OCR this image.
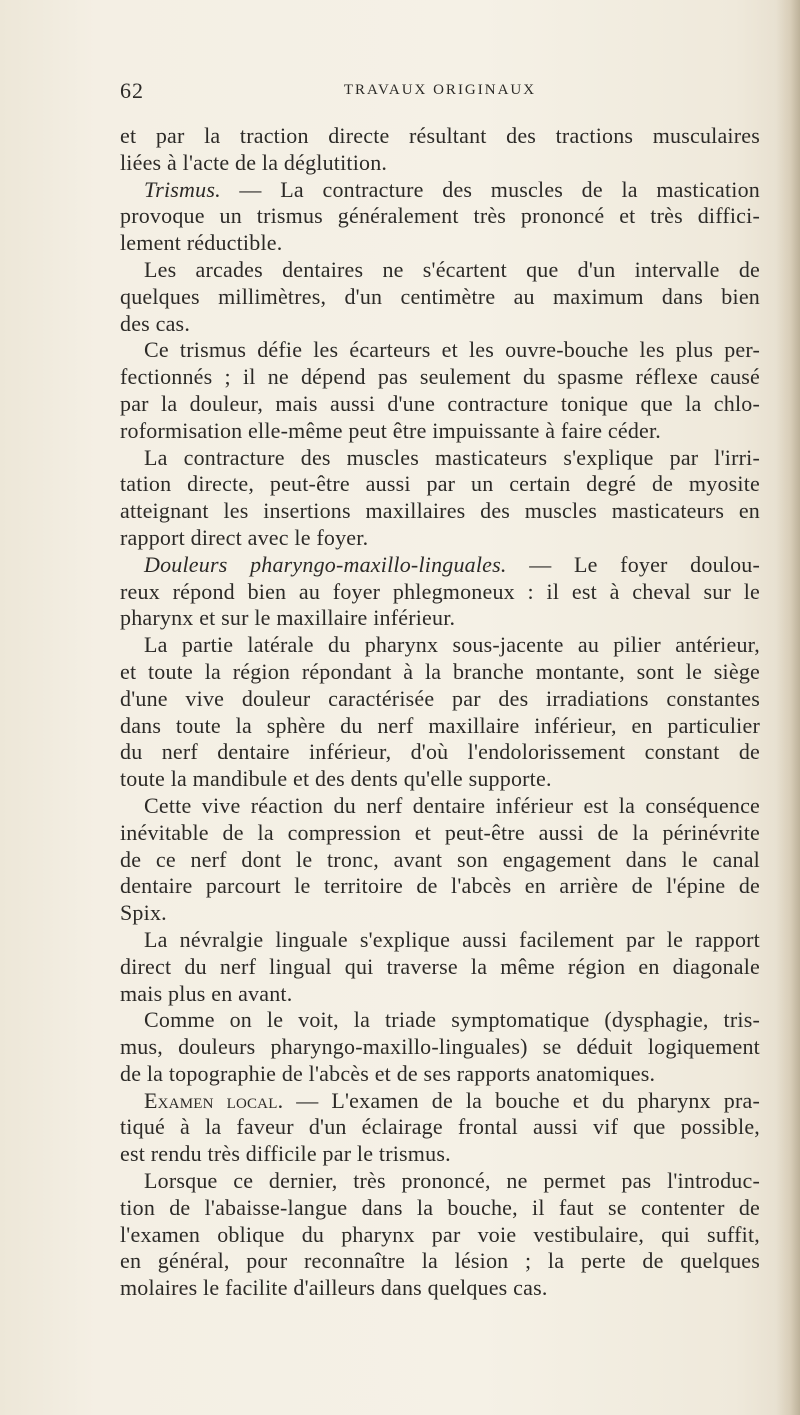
62	TRAVAUX ORIGINAUX
et par la traction directe résultant des tractions musculaires
liées à l'acte de la déglutition.
Trismus. — La contracture des muscles de la mastication
provoque un trismus généralement très prononcé et très diffici-
lement réductible.
Les arcades dentaires ne s'écartent que d'un intervalle de
quelques millimètres, d'un centimètre au maximum dans bien
des cas.
Ce trismus défie les écarteurs et les ouvre-bouche les plus per-
fectionnés ; il ne dépend pas seulement du spasme réflexe causé
par la douleur, mais aussi d'une contracture tonique que la chlo-
roformisation elle-même peut être impuissante à faire céder.
La contracture des muscles masticateurs s'explique par l'irri-
tation directe, peut-être aussi par un certain degré de myosite
atteignant les insertions maxillaires des muscles masticateurs en
rapport direct avec le foyer.
Douleurs pharyngo-maxillo-linguales. — Le foyer doulou-
reux répond bien au foyer phlegmoneux : il est à cheval sur le
pharynx et sur le maxillaire inférieur.
La partie latérale du pharynx sous-jacente au pilier antérieur,
et toute la région répondant à la branche montante, sont le siège
d'une vive douleur caractérisée par des irradiations constantes
dans toute la sphère du nerf maxillaire inférieur, en particulier
du nerf dentaire inférieur, d'où l'endolorissement constant de
toute la mandibule et des dents qu'elle supporte.
Cette vive réaction du nerf dentaire inférieur est la conséquence
inévitable de la compression et peut-être aussi de la périnévrite
de ce nerf dont le tronc, avant son engagement dans le canal
dentaire parcourt le territoire de l'abcès en arrière de l'épine de
Spix.
La névralgie linguale s'explique aussi facilement par le rapport
direct du nerf lingual qui traverse la même région en diagonale
mais plus en avant.
Comme on le voit, la triade symptomatique (dysphagie, tris-
mus, douleurs pharyngo-maxillo-linguales) se déduit logiquement
de la topographie de l'abcès et de ses rapports anatomiques.
Examen local. — L'examen de la bouche et du pharynx pra-
tiqué à la faveur d'un éclairage frontal aussi vif que possible,
est rendu très difficile par le trismus.
Lorsque ce dernier, très prononcé, ne permet pas l'introduc-
tion de l'abaisse-langue dans la bouche, il faut se contenter de
l'examen oblique du pharynx par voie vestibulaire, qui suffit,
en général, pour reconnaître la lésion ; la perte de quelques
molaires le facilite d'ailleurs dans quelques cas.
